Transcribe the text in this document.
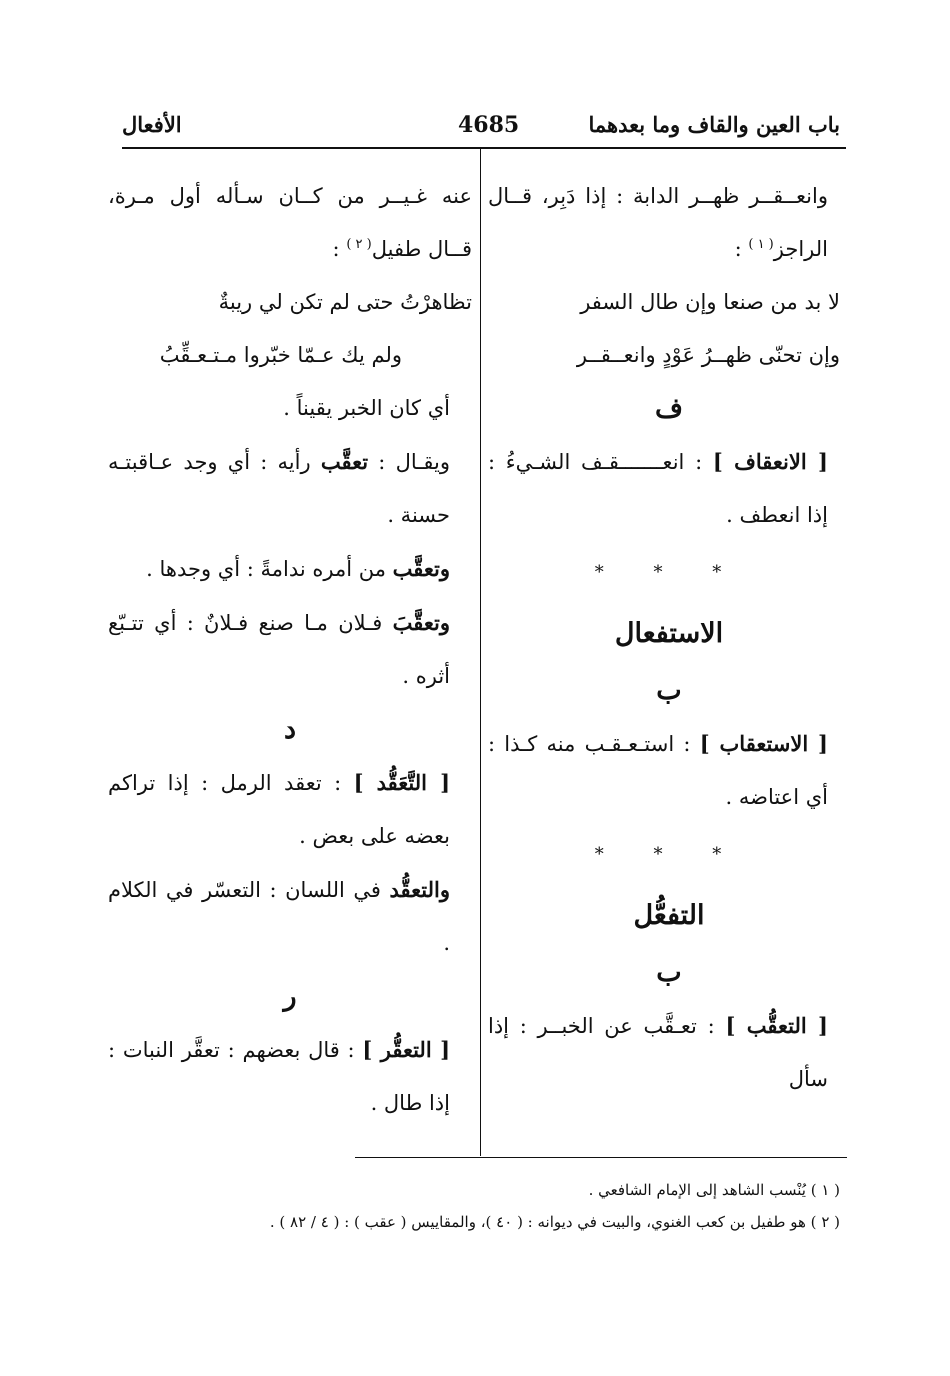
باب العين والقاف وما بعدهما
4685
الأفعال

وانعــقــر ظهــر الدابة : إذا دَبِر، قــال الراجز$^{( ١ )}$ :

لا بد من صنعا وإن طال السفر

وإن تحنّى ظهــرُ عَوْدٍ وانعــقــر

ف

[ الانعقاف ] : انعـــــــقـف الشـيءُ : إذا انعطف .

* * *

الاستفعال

ب

[ الاستعقاب ] : استـعـقـب منه كـذا : أي اعتاضه .

* * *

التفعُّل

ب

[ التعقُّب ] : تعـقَّب عن الخبــر : إذا سأل

عنه غـيــر من كــان سـأله أول مـرة، قــال طفيل$^{( ٢ )}$ :

تظاهرْتُ حتى لم تكن لي ريبةٌ

ولم يك عـمّا خبّروا مـتـعـقِّبُ

أي كان الخبر يقيناً .

ويقـال : تعقَّب رأيه : أي وجد عـاقبتـه حسنة .

وتعقَّب من أمره ندامةً : أي وجدها .

وتعقَّبَ فـلان مـا صنع فـلانٌ : أي تتـبّع أثره .

د

[ التَّعَقُّد ] : تعقد الرمل : إذا تراكم بعضه على بعض .

والتعقُّد في اللسان : التعسّر في الكلام .

ر

[ التعقُّر ] : قال بعضهم : تعقَّر النبات : إذا طال .

( ١ ) يُنْسب الشاهد إلى الإمام الشافعي .

( ٢ ) هو طفيل بن كعب الغنوي، والبيت في ديوانه : ( ٤٠ )، والمقاييس ( عقب ) : ( ٤ / ٨٢ ) .
